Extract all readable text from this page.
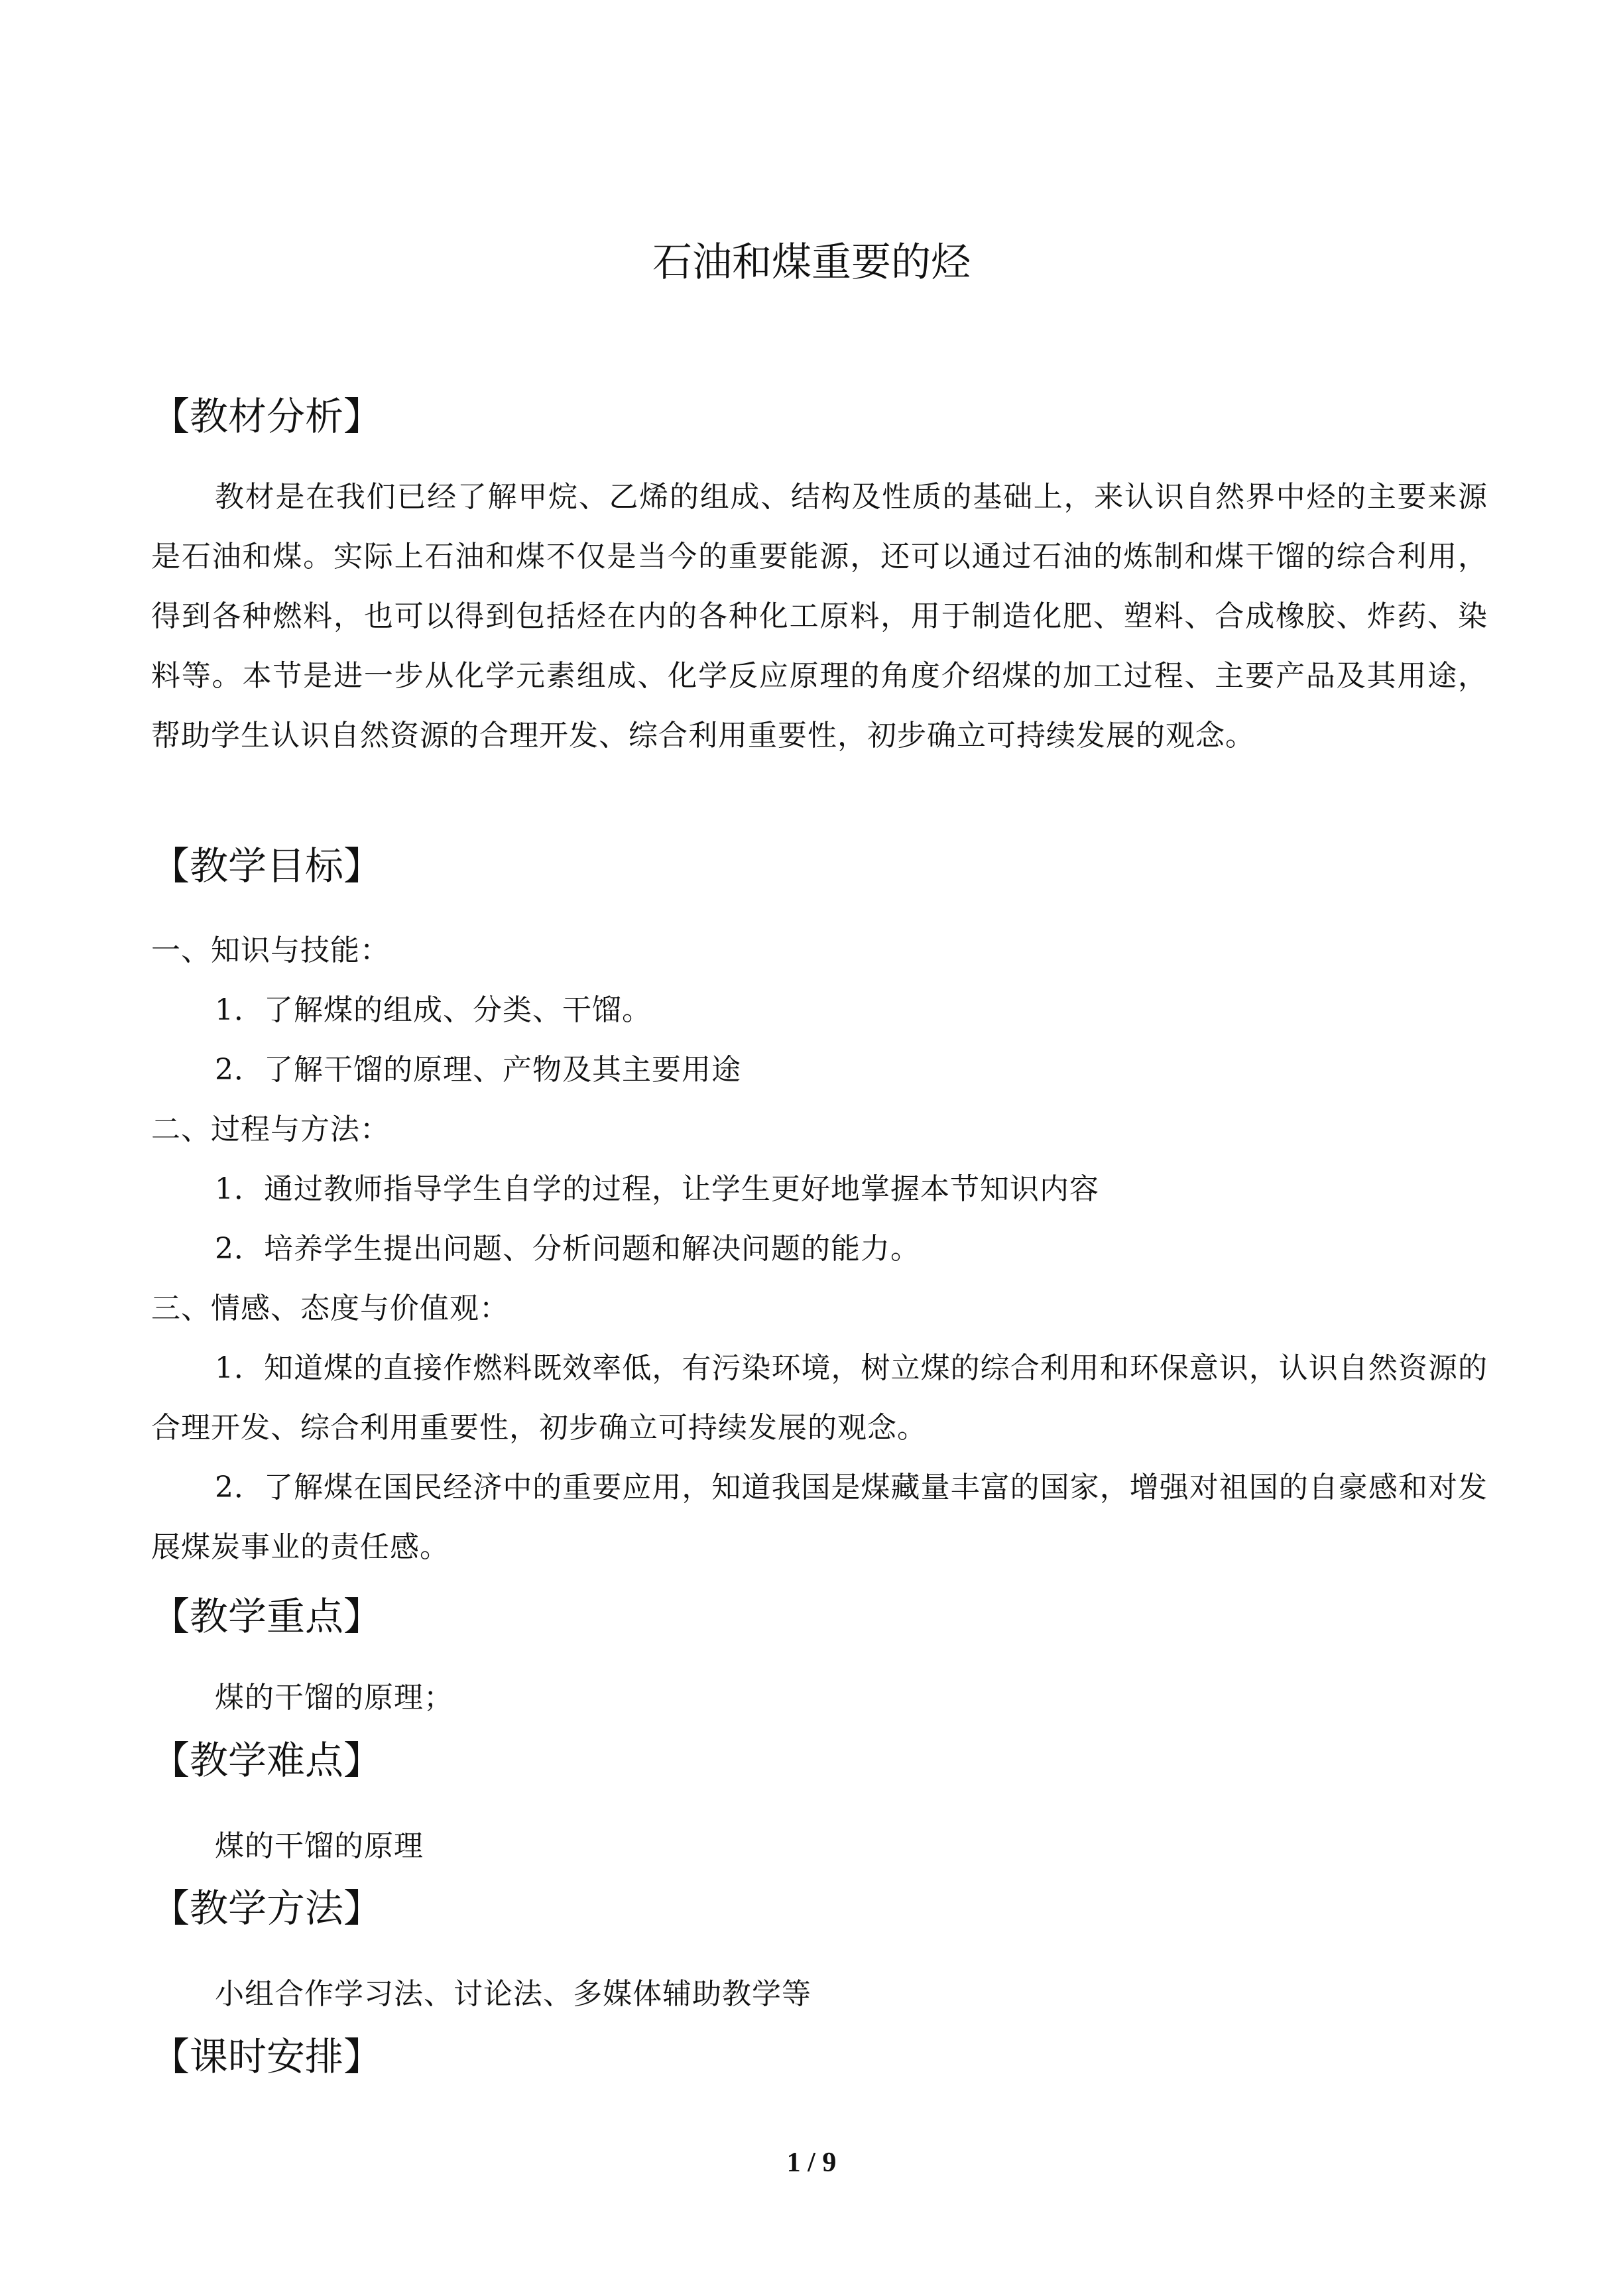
石油和煤重要的烃
【教材分析】
教材是在我们已经了解甲烷、乙烯的组成、结构及性质的基础上，来认识自然界中烃的主要来源是石油和煤。实际上石油和煤不仅是当今的重要能源，还可以通过石油的炼制和煤干馏的综合利用，得到各种燃料，也可以得到包括烃在内的各种化工原料，用于制造化肥、塑料、合成橡胶、炸药、染料等。本节是进一步从化学元素组成、化学反应原理的角度介绍煤的加工过程、主要产品及其用途，帮助学生认识自然资源的合理开发、综合利用重要性，初步确立可持续发展的观念。
【教学目标】
一、知识与技能：
1．了解煤的组成、分类、干馏。
2．了解干馏的原理、产物及其主要用途
二、过程与方法：
1．通过教师指导学生自学的过程，让学生更好地掌握本节知识内容
2．培养学生提出问题、分析问题和解决问题的能力。
三、情感、态度与价值观：
1．知道煤的直接作燃料既效率低，有污染环境，树立煤的综合利用和环保意识，认识自然资源的合理开发、综合利用重要性，初步确立可持续发展的观念。
2．了解煤在国民经济中的重要应用，知道我国是煤藏量丰富的国家，增强对祖国的自豪感和对发展煤炭事业的责任感。
【教学重点】
煤的干馏的原理；
【教学难点】
煤的干馏的原理
【教学方法】
小组合作学习法、讨论法、多媒体辅助教学等
【课时安排】
1 / 9
